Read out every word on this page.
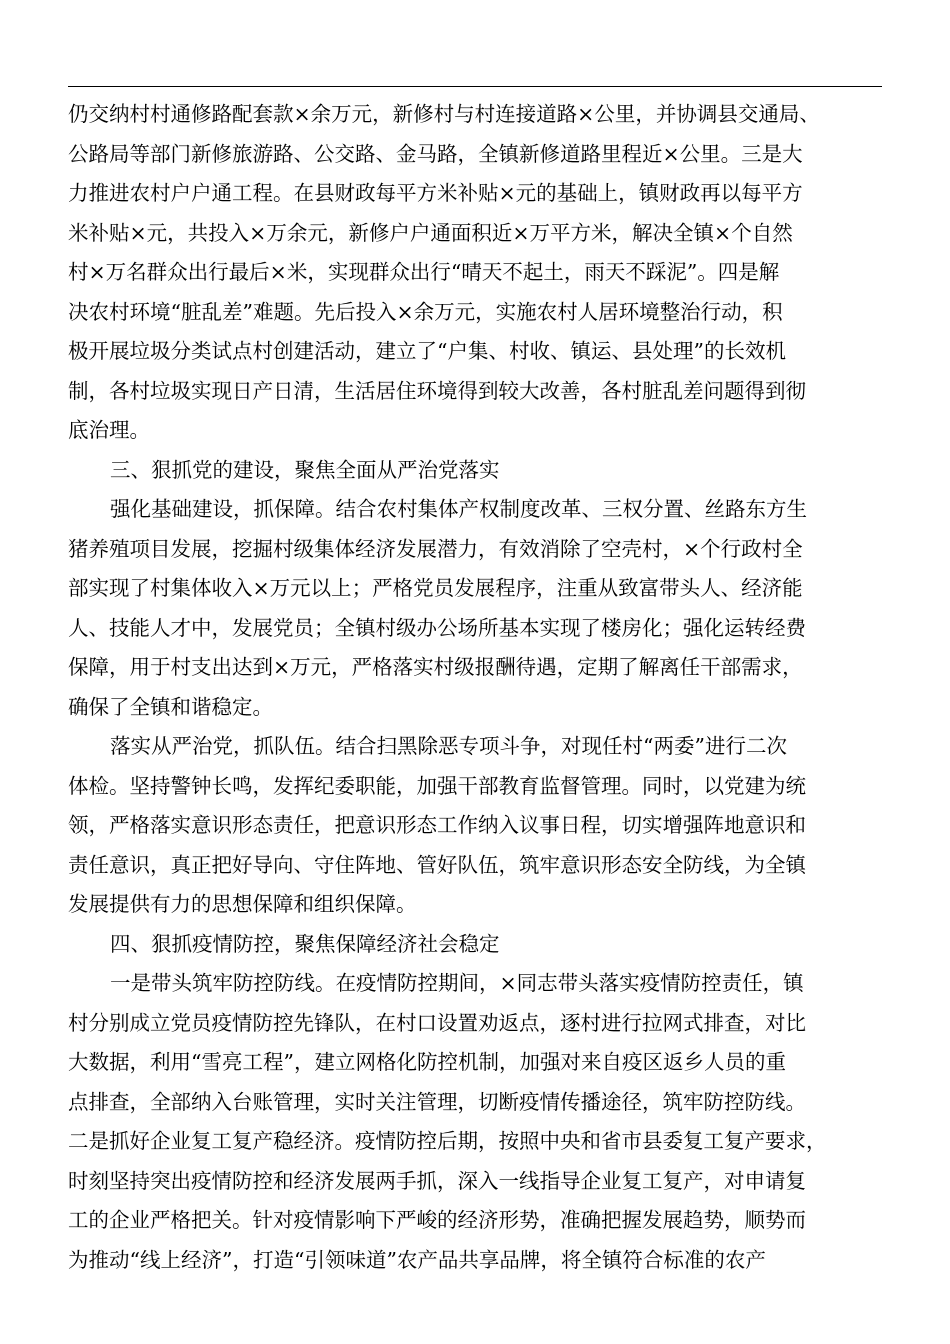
仍交纳村村通修路配套款×余万元，新修村与村连接道路×公里，并协调县交通局、
公路局等部门新修旅游路、公交路、金马路，全镇新修道路里程近×公里。三是大
力推进农村户户通工程。在县财政每平方米补贴×元的基础上，镇财政再以每平方
米补贴×元，共投入×万余元，新修户户通面积近×万平方米，解决全镇×个自然
村×万名群众出行最后×米，实现群众出行“晴天不起土，雨天不踩泥”。四是解
决农村环境“脏乱差”难题。先后投入×余万元，实施农村人居环境整治行动，积
极开展垃圾分类试点村创建活动，建立了“户集、村收、镇运、县处理”的长效机
制，各村垃圾实现日产日清，生活居住环境得到较大改善，各村脏乱差问题得到彻
底治理。
三、狠抓党的建设，聚焦全面从严治党落实
强化基础建设，抓保障。结合农村集体产权制度改革、三权分置、丝路东方生
猪养殖项目发展，挖掘村级集体经济发展潜力，有效消除了空壳村，×个行政村全
部实现了村集体收入×万元以上；严格党员发展程序，注重从致富带头人、经济能
人、技能人才中，发展党员；全镇村级办公场所基本实现了楼房化；强化运转经费
保障，用于村支出达到×万元，严格落实村级报酬待遇，定期了解离任干部需求，
确保了全镇和谐稳定。
落实从严治党，抓队伍。结合扫黑除恶专项斗争，对现任村“两委”进行二次
体检。坚持警钟长鸣，发挥纪委职能，加强干部教育监督管理。同时，以党建为统
领，严格落实意识形态责任，把意识形态工作纳入议事日程，切实增强阵地意识和
责任意识，真正把好导向、守住阵地、管好队伍，筑牢意识形态安全防线，为全镇
发展提供有力的思想保障和组织保障。
四、狠抓疫情防控，聚焦保障经济社会稳定
一是带头筑牢防控防线。在疫情防控期间，×同志带头落实疫情防控责任，镇
村分别成立党员疫情防控先锋队，在村口设置劝返点，逐村进行拉网式排查，对比
大数据，利用“雪亮工程”，建立网格化防控机制，加强对来自疫区返乡人员的重
点排查，全部纳入台账管理，实时关注管理，切断疫情传播途径，筑牢防控防线。
二是抓好企业复工复产稳经济。疫情防控后期，按照中央和省市县委复工复产要求，
时刻坚持突出疫情防控和经济发展两手抓，深入一线指导企业复工复产，对申请复
工的企业严格把关。针对疫情影响下严峻的经济形势，准确把握发展趋势，顺势而
为推动“线上经济”，打造“引领味道”农产品共享品牌，将全镇符合标准的农产
